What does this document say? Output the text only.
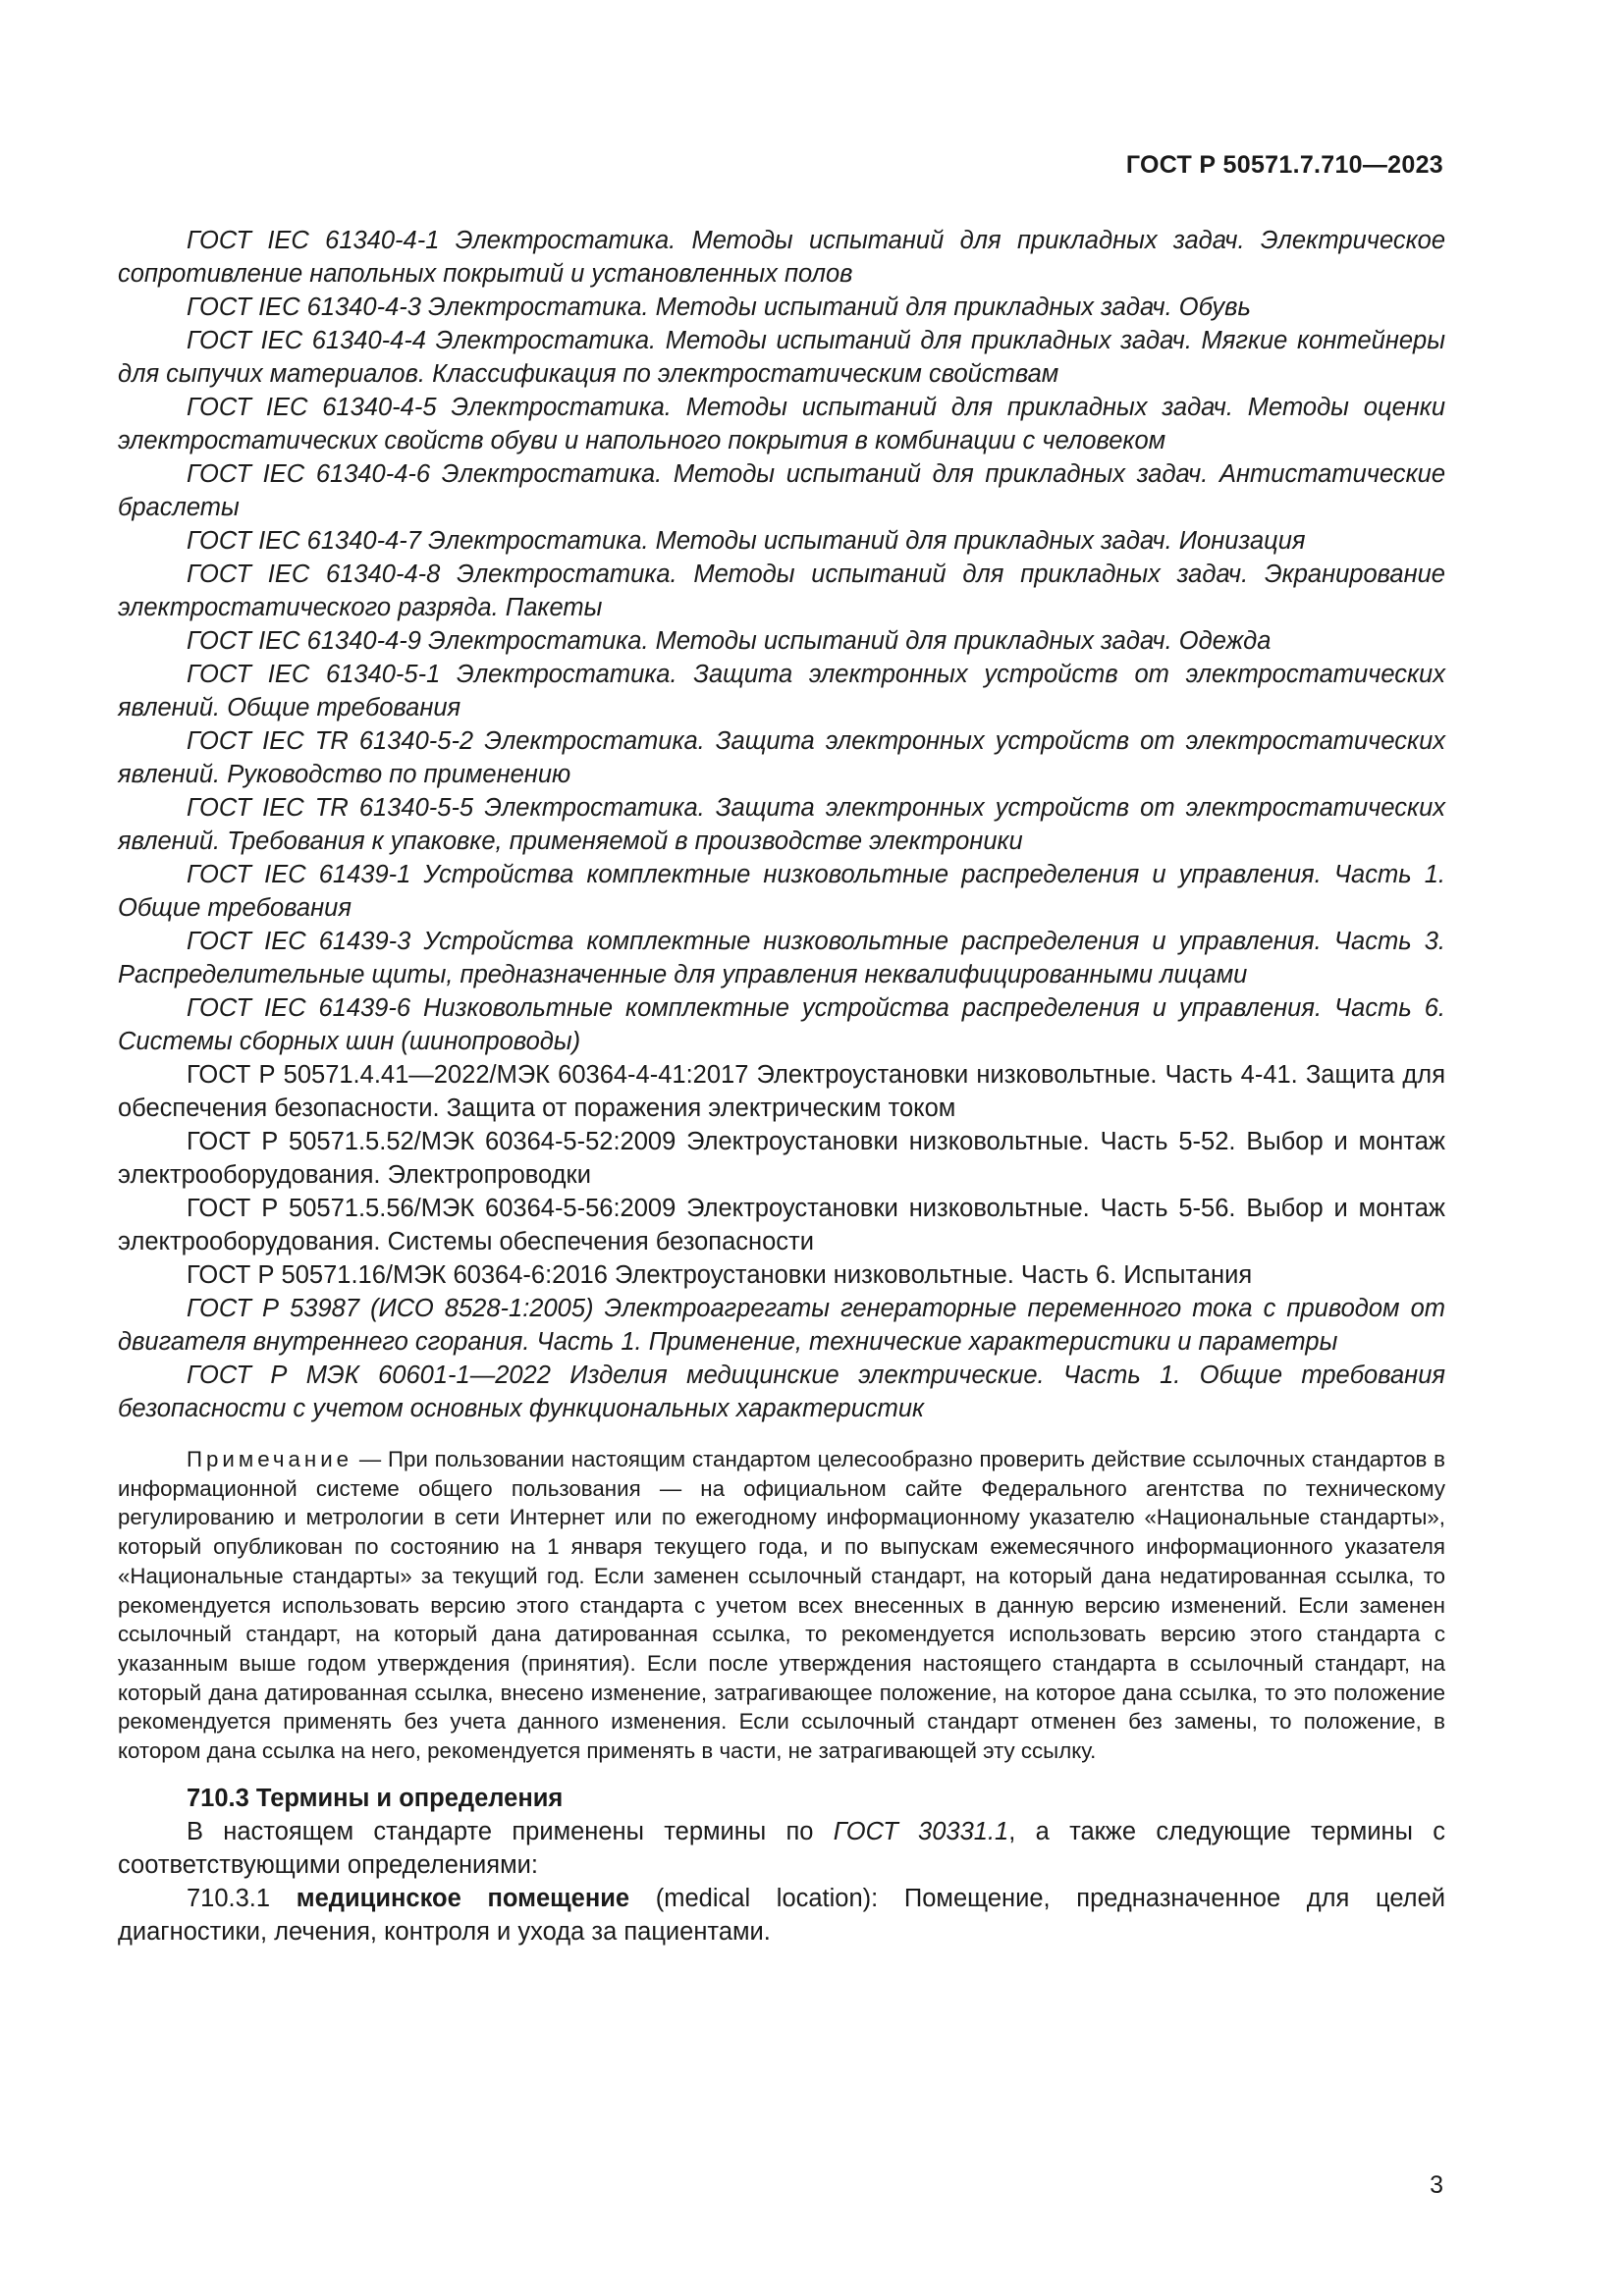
ГОСТ Р 50571.7.710—2023
ГОСТ IEC 61340-4-1 Электростатика. Методы испытаний для прикладных задач. Электрическое сопротивление напольных покрытий и установленных полов
ГОСТ IEC 61340-4-3 Электростатика. Методы испытаний для прикладных задач. Обувь
ГОСТ IEC 61340-4-4 Электростатика. Методы испытаний для прикладных задач. Мягкие контейнеры для сыпучих материалов. Классификация по электростатическим свойствам
ГОСТ IEC 61340-4-5 Электростатика. Методы испытаний для прикладных задач. Методы оценки электростатических свойств обуви и напольного покрытия в комбинации с человеком
ГОСТ IEC 61340-4-6 Электростатика. Методы испытаний для прикладных задач. Антистатические браслеты
ГОСТ IEC 61340-4-7 Электростатика. Методы испытаний для прикладных задач. Ионизация
ГОСТ IEC 61340-4-8 Электростатика. Методы испытаний для прикладных задач. Экранирование электростатического разряда. Пакеты
ГОСТ IEC 61340-4-9 Электростатика. Методы испытаний для прикладных задач. Одежда
ГОСТ IEC 61340-5-1 Электростатика. Защита электронных устройств от электростатических явлений. Общие требования
ГОСТ IEC TR 61340-5-2 Электростатика. Защита электронных устройств от электростатических явлений. Руководство по применению
ГОСТ IEC TR 61340-5-5 Электростатика. Защита электронных устройств от электростатических явлений. Требования к упаковке, применяемой в производстве электроники
ГОСТ IEC 61439-1 Устройства комплектные низковольтные распределения и управления. Часть 1. Общие требования
ГОСТ IEC 61439-3 Устройства комплектные низковольтные распределения и управления. Часть 3. Распределительные щиты, предназначенные для управления неквалифицированными лицами
ГОСТ IEC 61439-6 Низковольтные комплектные устройства распределения и управления. Часть 6. Системы сборных шин (шинопроводы)
ГОСТ Р 50571.4.41—2022/МЭК 60364-4-41:2017 Электроустановки низковольтные. Часть 4-41. Защита для обеспечения безопасности. Защита от поражения электрическим током
ГОСТ Р 50571.5.52/МЭК 60364-5-52:2009 Электроустановки низковольтные. Часть 5-52. Выбор и монтаж электрооборудования. Электропроводки
ГОСТ Р 50571.5.56/МЭК 60364-5-56:2009 Электроустановки низковольтные. Часть 5-56. Выбор и монтаж электрооборудования. Системы обеспечения безопасности
ГОСТ Р 50571.16/МЭК 60364-6:2016 Электроустановки низковольтные. Часть 6. Испытания
ГОСТ Р 53987 (ИСО 8528-1:2005) Электроагрегаты генераторные переменного тока с приводом от двигателя внутреннего сгорания. Часть 1. Применение, технические характеристики и параметры
ГОСТ Р МЭК 60601-1—2022 Изделия медицинские электрические. Часть 1. Общие требования безопасности с учетом основных функциональных характеристик
Примечание — При пользовании настоящим стандартом целесообразно проверить действие ссылочных стандартов в информационной системе общего пользования — на официальном сайте Федерального агентства по техническому регулированию и метрологии в сети Интернет или по ежегодному информационному указателю «Национальные стандарты», который опубликован по состоянию на 1 января текущего года, и по выпускам ежемесячного информационного указателя «Национальные стандарты» за текущий год. Если заменен ссылочный стандарт, на который дана недатированная ссылка, то рекомендуется использовать версию этого стандарта с учетом всех внесенных в данную версию изменений. Если заменен ссылочный стандарт, на который дана датированная ссылка, то рекомендуется использовать версию этого стандарта с указанным выше годом утверждения (принятия). Если после утверждения настоящего стандарта в ссылочный стандарт, на который дана датированная ссылка, внесено изменение, затрагивающее положение, на которое дана ссылка, то это положение рекомендуется применять без учета данного изменения. Если ссылочный стандарт отменен без замены, то положение, в котором дана ссылка на него, рекомендуется применять в части, не затрагивающей эту ссылку.
710.3 Термины и определения
В настоящем стандарте применены термины по ГОСТ 30331.1, а также следующие термины с соответствующими определениями:
710.3.1 медицинское помещение (medical location): Помещение, предназначенное для целей диагностики, лечения, контроля и ухода за пациентами.
3
